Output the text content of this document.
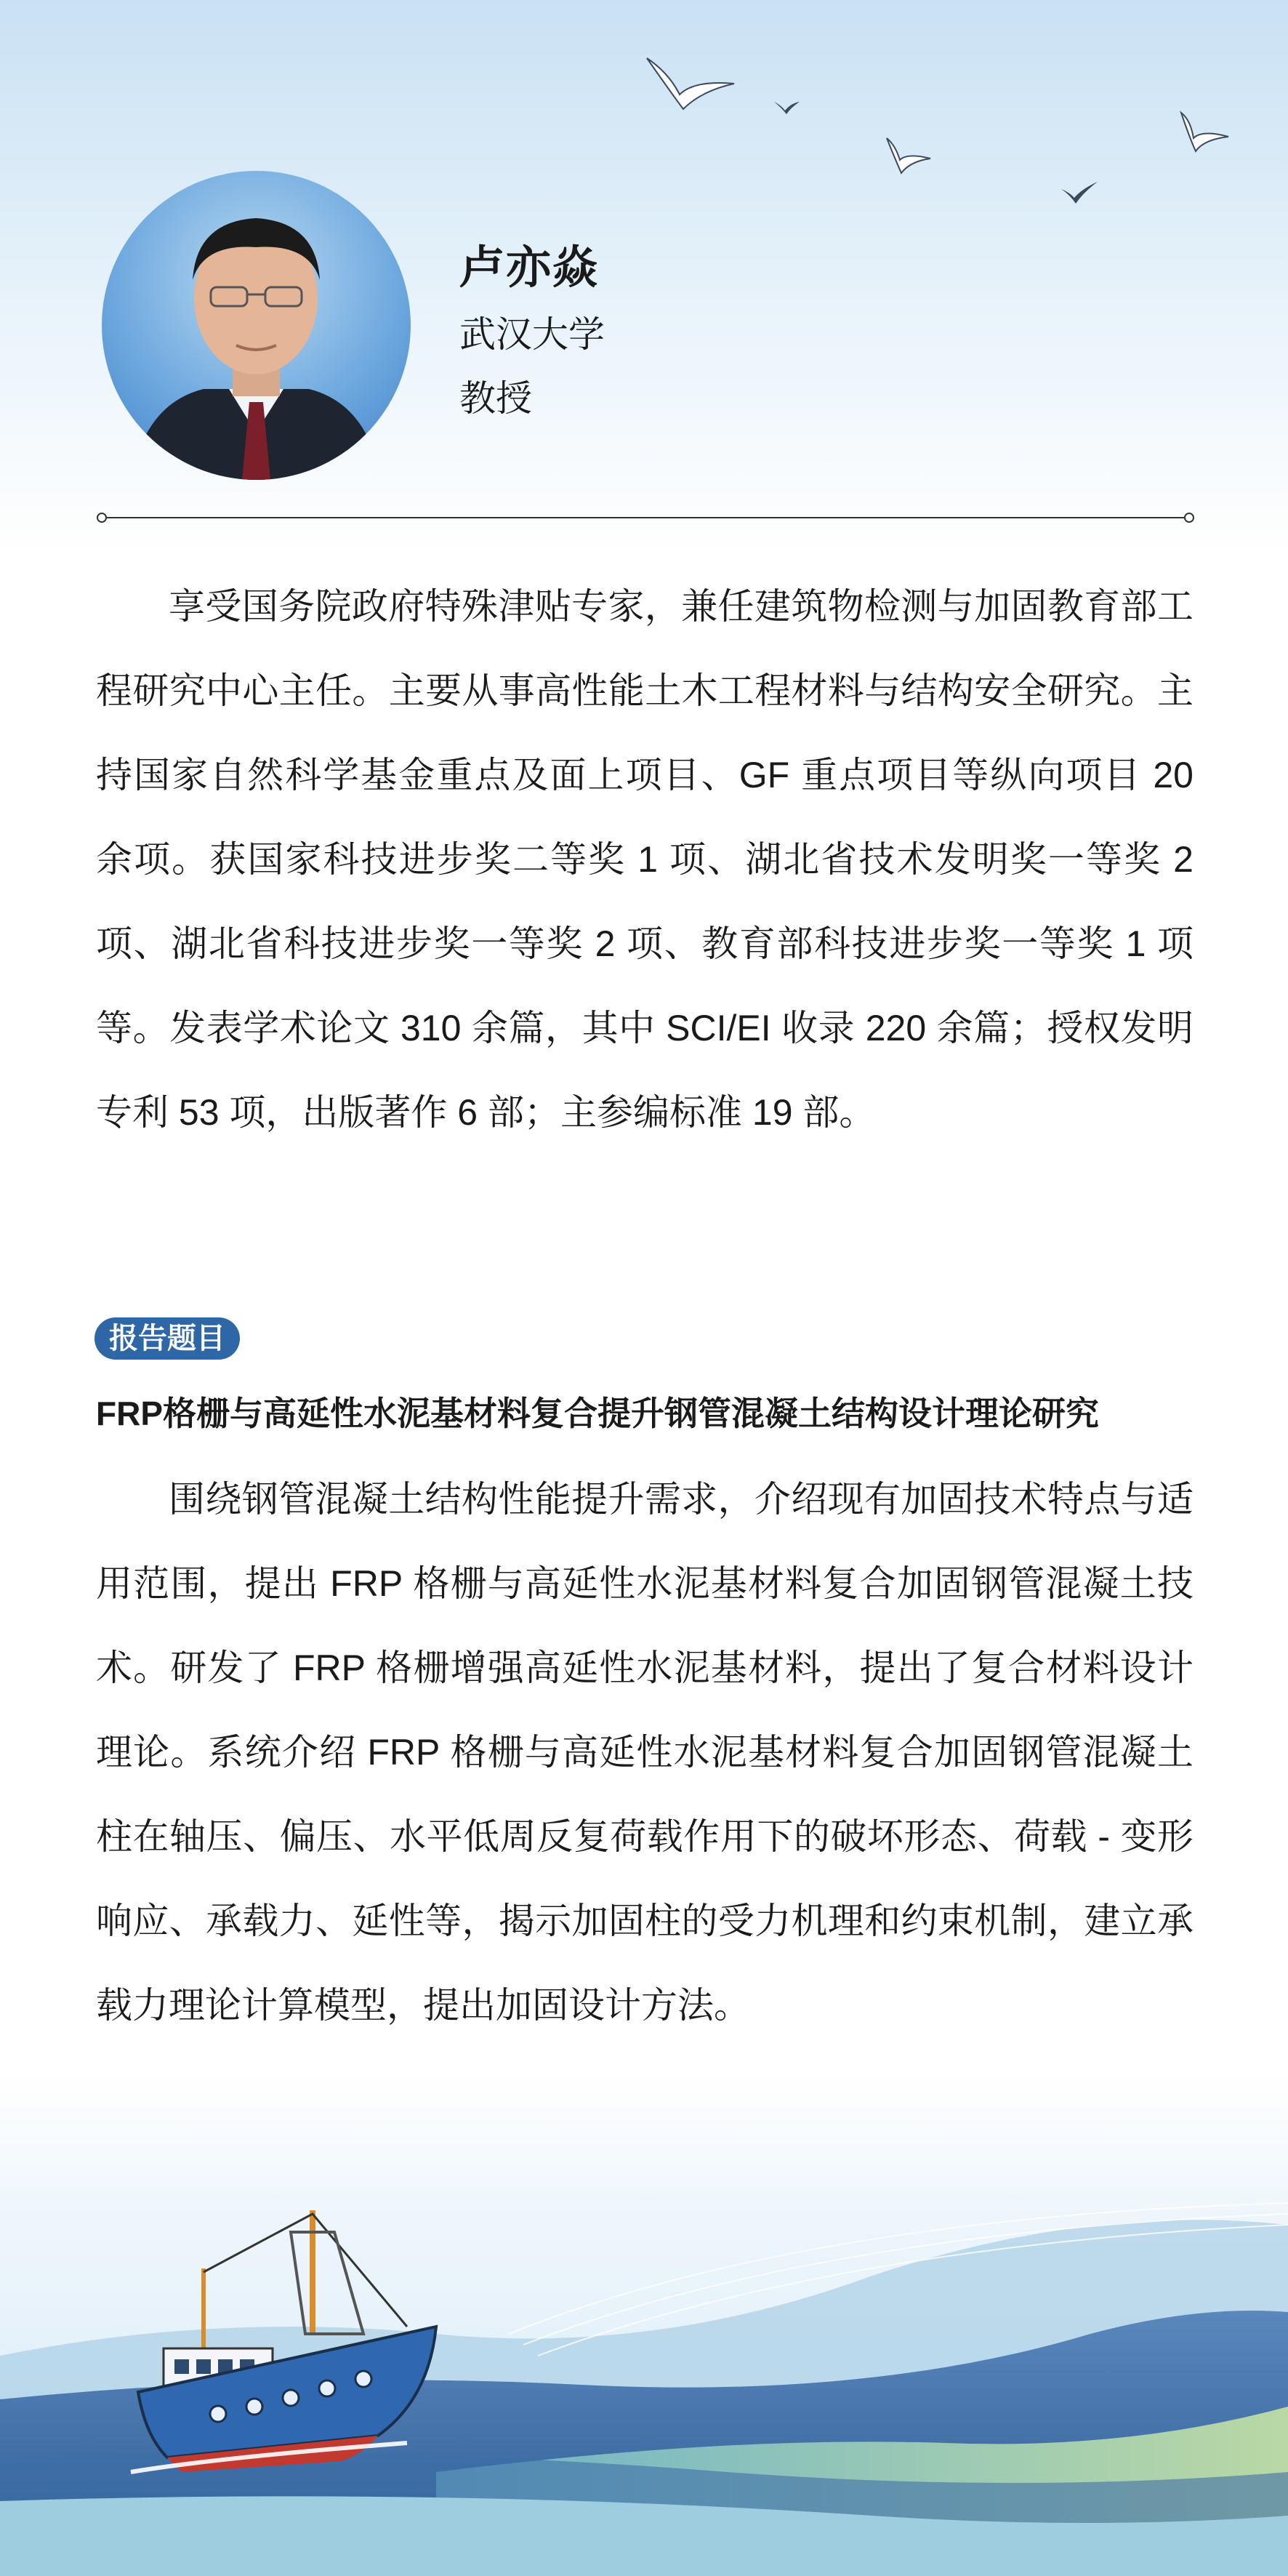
卢亦焱
武汉大学
教授

享受国务院政府特殊津贴专家，兼任建筑物检测与加固教育部工程研究中心主任。主要从事高性能土木工程材料与结构安全研究。主持国家自然科学基金重点及面上项目、GF 重点项目等纵向项目 20 余项。获国家科技进步奖二等奖 1 项、湖北省技术发明奖一等奖 2 项、湖北省科技进步奖一等奖 2 项、教育部科技进步奖一等奖 1 项等。发表学术论文 310 余篇，其中 SCI/EI 收录 220 余篇；授权发明专利 53 项，出版著作 6 部；主参编标准 19 部。

报告题目
FRP格栅与高延性水泥基材料复合提升钢管混凝土结构设计理论研究

围绕钢管混凝土结构性能提升需求，介绍现有加固技术特点与适用范围，提出 FRP 格栅与高延性水泥基材料复合加固钢管混凝土技术。研发了 FRP 格栅增强高延性水泥基材料，提出了复合材料设计理论。系统介绍 FRP 格栅与高延性水泥基材料复合加固钢管混凝土柱在轴压、偏压、水平低周反复荷载作用下的破坏形态、荷载 - 变形响应、承载力、延性等，揭示加固柱的受力机理和约束机制，建立承载力理论计算模型，提出加固设计方法。
